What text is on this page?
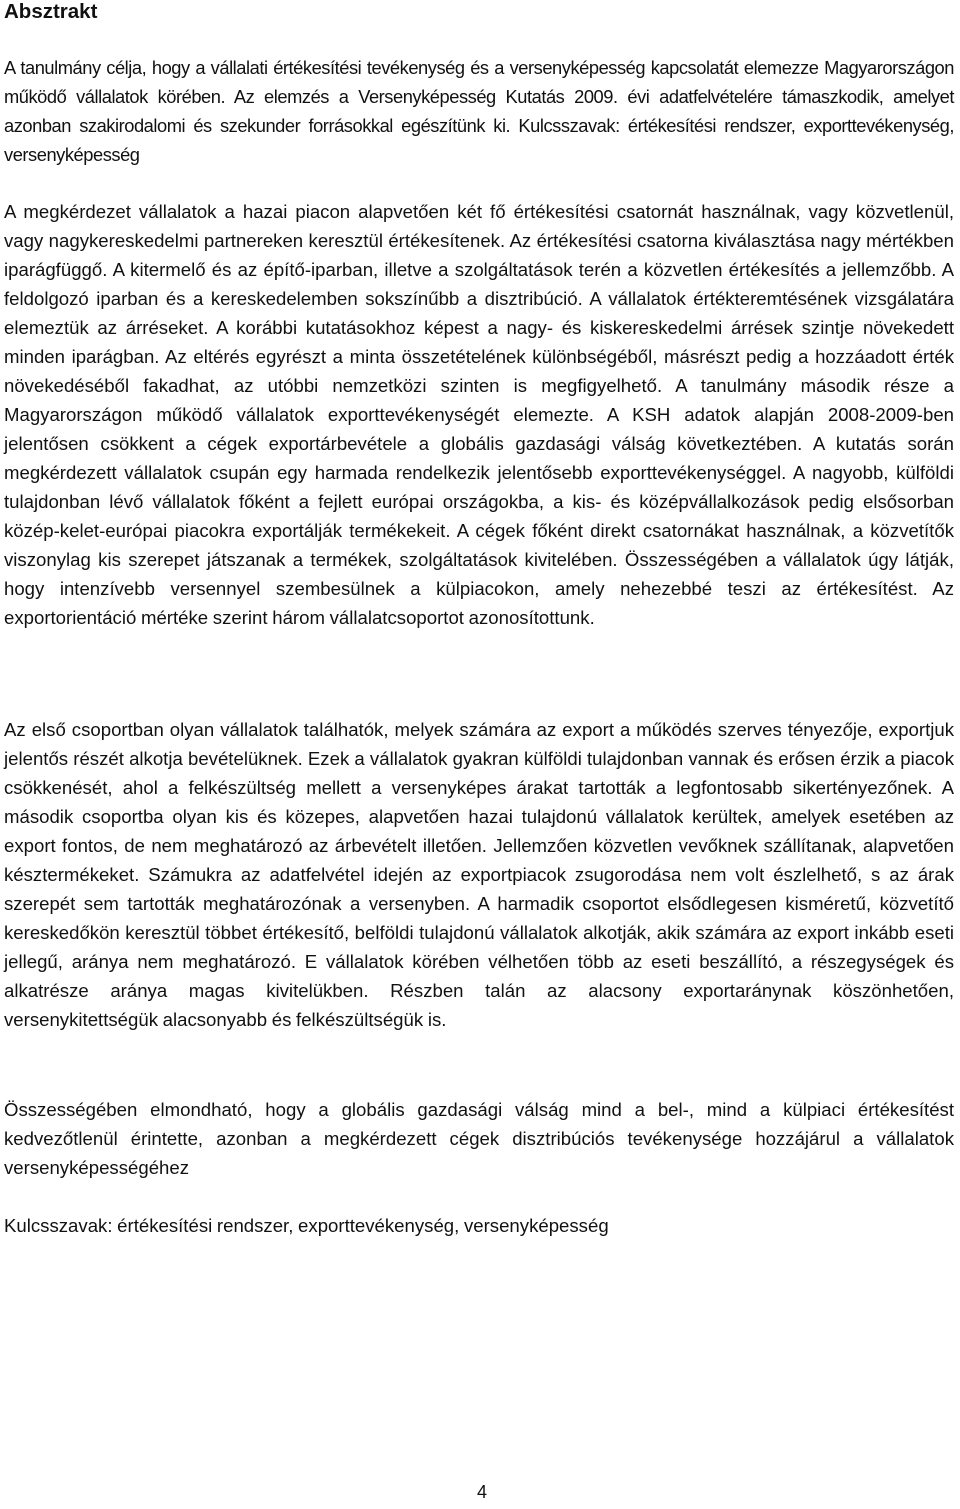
Absztrakt
A tanulmány célja, hogy a vállalati értékesítési tevékenység és a versenyképesség kapcsolatát elemezze Magyarországon működő vállalatok körében. Az elemzés a Versenyképesség Kutatás 2009. évi adatfelvételére támaszkodik, amelyet azonban szakirodalomi és szekunder forrásokkal egészítünk ki. Kulcsszavak: értékesítési rendszer, exporttevékenység, versenyképesség

A megkérdezet vállalatok a hazai piacon alapvetően két fő értékesítési csatornát használnak, vagy közvetlenül, vagy nagykereskedelmi partnereken keresztül értékesítenek. Az értékesítési csatorna kiválasztása nagy mértékben iparágfüggő. A kitermelő és az építő-iparban, illetve a szolgáltatások terén a közvetlen értékesítés a jellemzőbb. A feldolgozó iparban és a kereskedelemben sokszínűbb a disztribúció. A vállalatok értékteremtésének vizsgálatára elemeztük az árréseket. A korábbi kutatásokhoz képest a nagy- és kiskereskedelmi árrések szintje növekedett minden iparágban. Az eltérés egyrészt a minta összetételének különbségéből, másrészt pedig a hozzáadott érték növekedéséből fakadhat, az utóbbi nemzetközi szinten is megfigyelhető. A tanulmány második része a Magyarországon működő vállalatok exporttevékenységét elemezte. A KSH adatok alapján 2008-2009-ben jelentősen csökkent a cégek exportárbevétele a globális gazdasági válság következtében. A kutatás során megkérdezett vállalatok csupán egy harmada rendelkezik jelentősebb exporttevékenységgel. A nagyobb, külföldi tulajdonban lévő vállalatok főként a fejlett európai országokba, a kis- és középvállalkozások pedig elsősorban közép-kelet-európai piacokra exportálják termékekeit. A cégek főként direkt csatornákat használnak, a közvetítők viszonylag kis szerepet játszanak a termékek, szolgáltatások kivitelében. Összességében a vállalatok úgy látják, hogy intenzívebb versennyel szembesülnek a külpiacokon, amely nehezebbé teszi az értékesítést. Az exportorientáció mértéke szerint három vállalatcsoportot azonosítottunk.

Az első csoportban olyan vállalatok találhatók, melyek számára az export a működés szerves tényezője, exportjuk jelentős részét alkotja bevételüknek. Ezek a vállalatok gyakran külföldi tulajdonban vannak és erősen érzik a piacok csökkenését, ahol a felkészültség mellett a versenyképes árakat tartották a legfontosabb sikertényezőnek. A második csoportba olyan kis és közepes, alapvetően hazai tulajdonú vállalatok kerültek, amelyek esetében az export fontos, de nem meghatározó az árbevételt illetően. Jellemzően közvetlen vevőknek szállítanak, alapvetően késztermékeket. Számukra az adatfelvétel idején az exportpiacok zsugorodása nem volt észlelhető, s az árak szerepét sem tartották meghatározónak a versenyben. A harmadik csoportot elsődlegesen kisméretű, közvetítő kereskedőkön keresztül többet értékesítő, belföldi tulajdonú vállalatok alkotják, akik számára az export inkább eseti jellegű, aránya nem meghatározó. E vállalatok körében vélhetően több az eseti beszállító, a részegységek és alkatrésze aránya magas kivitelükben. Részben talán az alacsony exportaránynak köszönhetően, versenykitettségük alacsonyabb és felkészültségük is.

Összességében elmondható, hogy a globális gazdasági válság mind a bel-, mind a külpiaci értékesítést kedvezőtlenül érintette, azonban a megkérdezett cégek disztribúciós tevékenysége hozzájárul a vállalatok versenyképességéhez

Kulcsszavak: értékesítési rendszer, exporttevékenység, versenyképesség

4
